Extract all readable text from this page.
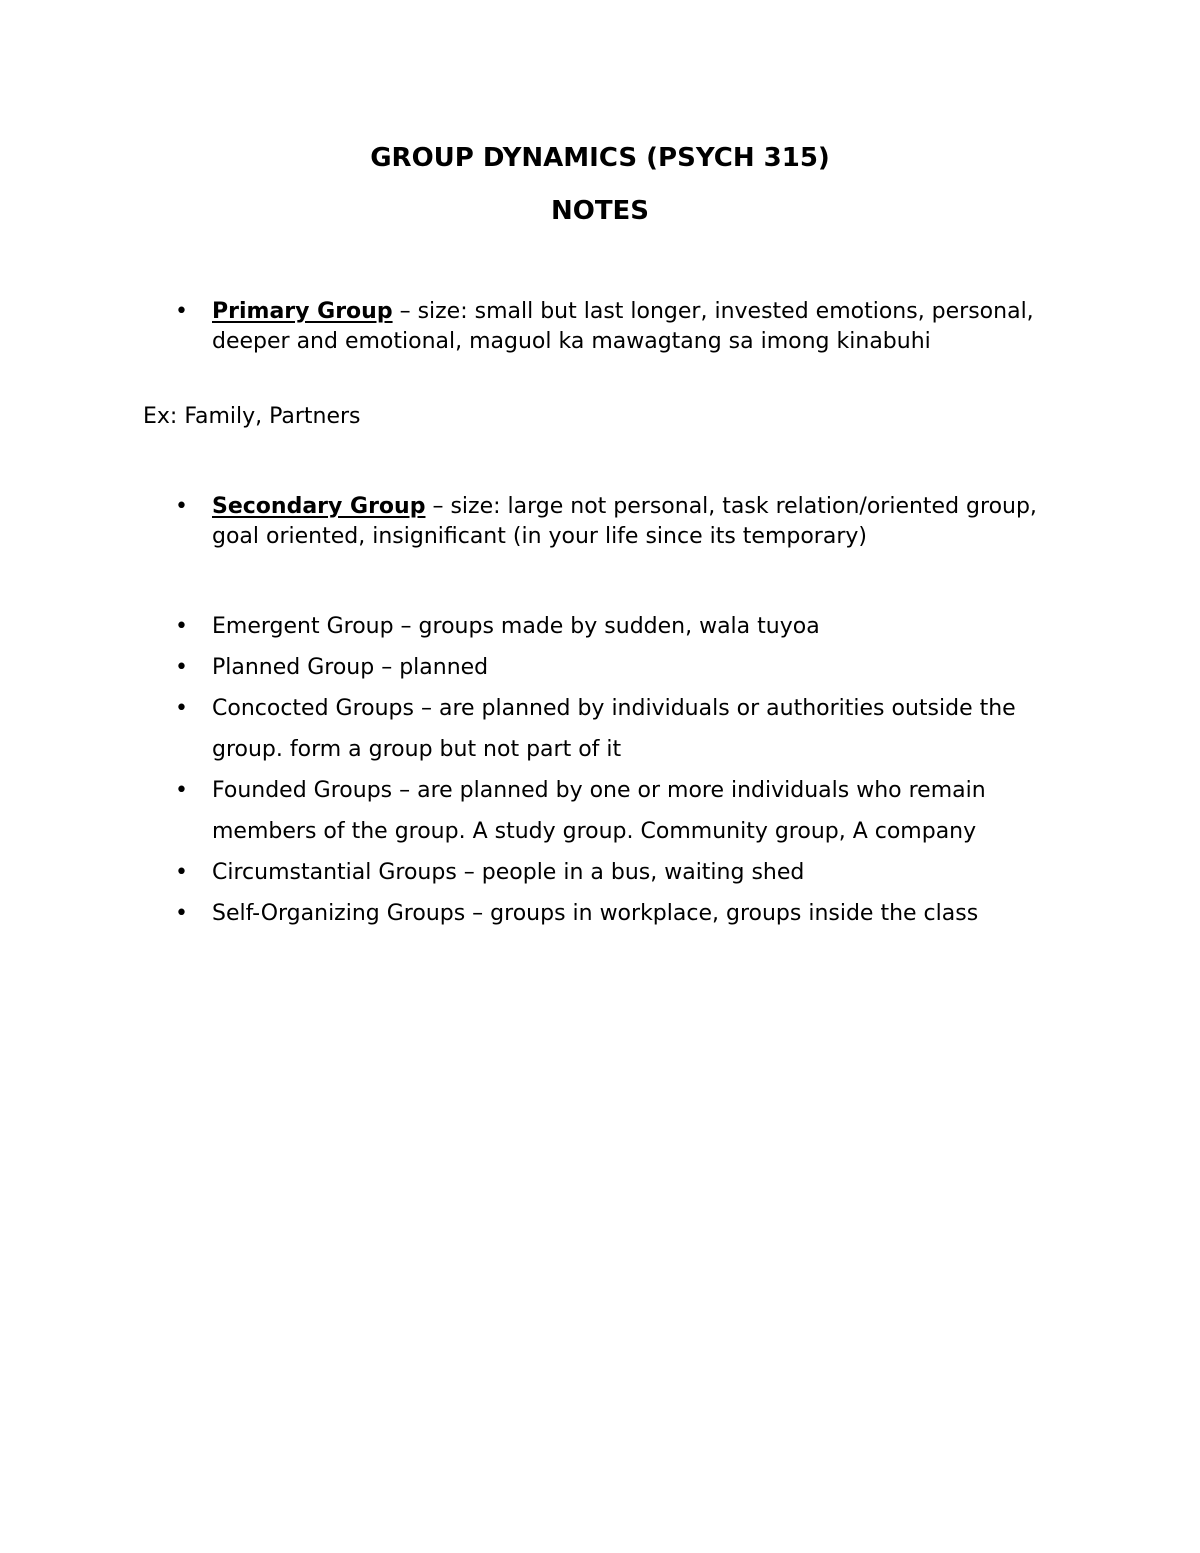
GROUP DYNAMICS (PSYCH 315)
NOTES
• Primary Group – size: small but last longer, invested emotions, personal, deeper and emotional, maguol ka mawagtang sa imong kinabuhi
Ex: Family, Partners
• Secondary Group – size: large not personal, task relation/oriented group, goal oriented, insignificant (in your life since its temporary)
• Emergent Group – groups made by sudden, wala tuyoa
• Planned Group – planned
• Concocted Groups – are planned by individuals or authorities outside the group. form a group but not part of it
• Founded Groups – are planned by one or more individuals who remain members of the group. A study group. Community group, A company
• Circumstantial Groups – people in a bus, waiting shed
• Self-Organizing Groups – groups in workplace, groups inside the class
